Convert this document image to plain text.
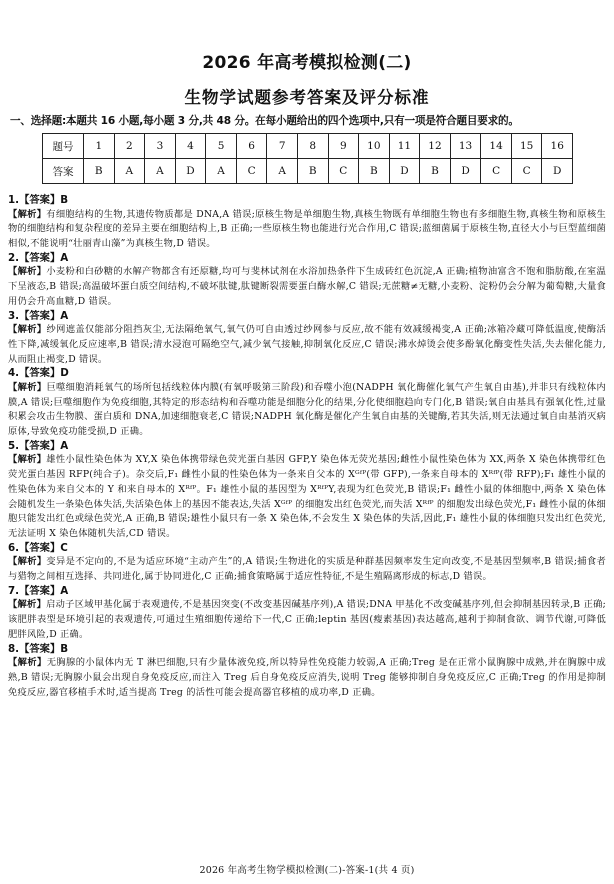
2026 年高考模拟检测(二)
生物学试题参考答案及评分标准
一、选择题:本题共 16 小题,每小题 3 分,共 48 分。在每小题给出的四个选项中,只有一项是符合题目要求的。
题号	1	2	3	4	5	6	7	8	9	10	11	12	13	14	15	16
答案	B	A	A	D	A	C	A	B	C	B	D	B	D	C	C	D
1.【答案】B
【解析】有细胞结构的生物,其遗传物质都是 DNA,A 错误;原核生物是单细胞生物,真核生物既有单细胞生物也有多细胞生物,真核生物和原核生物的细胞结构和复杂程度的差异主要在细胞结构上,B 正确;一些原核生物也能进行光合作用,C 错误;蓝细菌属于原核生物,直径大小与巨型蓝细菌相似,不能说明“壮丽青山藻”为真核生物,D 错误。
2.【答案】A
【解析】小麦粉和白砂糖的水解产物都含有还原糖,均可与斐林试剂在水浴加热条件下生成砖红色沉淀,A 正确;植物油富含不饱和脂肪酸,在室温下呈液态,B 错误;高温破坏蛋白质空间结构,不破坏肽键,肽键断裂需要蛋白酶水解,C 错误;无蔗糖≠无糖,小麦粉、淀粉仍会分解为葡萄糖,大量食用仍会升高血糖,D 错误。
3.【答案】A
【解析】纱网遮盖仅能部分阻挡灰尘,无法隔绝氧气,氧气仍可自由透过纱网参与反应,故不能有效减缓褐变,A 正确;冰箱冷藏可降低温度,使酶活性下降,减缓氧化反应速率,B 错误;清水浸泡可隔绝空气,减少氧气接触,抑制氧化反应,C 错误;沸水焯烫会使多酚氧化酶变性失活,失去催化能力,从而阻止褐变,D 错误。
4.【答案】D
【解析】巨噬细胞消耗氧气的场所包括线粒体内膜(有氧呼吸第三阶段)和吞噬小泡(NADPH 氧化酶催化氧气产生氧自由基),并非只有线粒体内膜,A 错误;巨噬细胞作为免疫细胞,其特定的形态结构和吞噬功能是细胞分化的结果,分化使细胞趋向专门化,B 错误;氧自由基具有强氧化性,过量积累会攻击生物膜、蛋白质和 DNA,加速细胞衰老,C 错误;NADPH 氧化酶是催化产生氧自由基的关键酶,若其失活,则无法通过氧自由基消灭病原体,导致免疫功能受损,D 正确。
5.【答案】A
【解析】雄性小鼠性染色体为 XY,X 染色体携带绿色荧光蛋白基因 GFP,Y 染色体无荧光基因;雌性小鼠性染色体为 XX,两条 X 染色体携带红色荧光蛋白基因 RFP(纯合子)。杂交后,F₁ 雌性小鼠的性染色体为一条来自父本的 Xᴳᶠᴾ(带 GFP),一条来自母本的 Xᴿᶠᴾ(带 RFP);F₁ 雄性小鼠的性染色体为来自父本的 Y 和来自母本的 Xᴿᶠᴾ。F₁ 雄性小鼠的基因型为 XᴿᶠᴾY,表现为红色荧光,B 错误;F₁ 雌性小鼠的体细胞中,两条 X 染色体会随机发生一条染色体失活,失活染色体上的基因不能表达,失活 Xᴳᶠᴾ 的细胞发出红色荧光,而失活 Xᴿᶠᴾ 的细胞发出绿色荧光,F₁ 雌性小鼠的体细胞只能发出红色或绿色荧光,A 正确,B 错误;雄性小鼠只有一条 X 染色体,不会发生 X 染色体的失活,因此,F₁ 雄性小鼠的体细胞只发出红色荧光,无法证明 X 染色体随机失活,CD 错误。
6.【答案】C
【解析】变异是不定向的,不是为适应环境“主动产生”的,A 错误;生物进化的实质是种群基因频率发生定向改变,不是基因型频率,B 错误;捕食者与猎物之间相互选择、共同进化,属于协同进化,C 正确;捕食策略属于适应性特征,不是生殖隔离形成的标志,D 错误。
7.【答案】A
【解析】启动子区域甲基化属于表观遗传,不是基因突变(不改变基因碱基序列),A 错误;DNA 甲基化不改变碱基序列,但会抑制基因转录,B 正确;该肥胖表型是环境引起的表观遗传,可通过生殖细胞传递给下一代,C 正确;leptin 基因(瘦素基因)表达越高,越利于抑制食欲、调节代谢,可降低肥胖风险,D 正确。
8.【答案】B
【解析】无胸腺的小鼠体内无 T 淋巴细胞,只有少量体液免疫,所以特异性免疫能力较弱,A 正确;Treg 是在正常小鼠胸腺中成熟,并在胸腺中成熟,B 错误;无胸腺小鼠会出现自身免疫反应,而注入 Treg 后自身免疫反应消失,说明 Treg 能够抑制自身免疫反应,C 正确;Treg 的作用是抑制免疫反应,器官移植手术时,适当提高 Treg 的活性可能会提高器官移植的成功率,D 正确。
2026 年高考生物学模拟检测(二)-答案-1(共 4 页)
